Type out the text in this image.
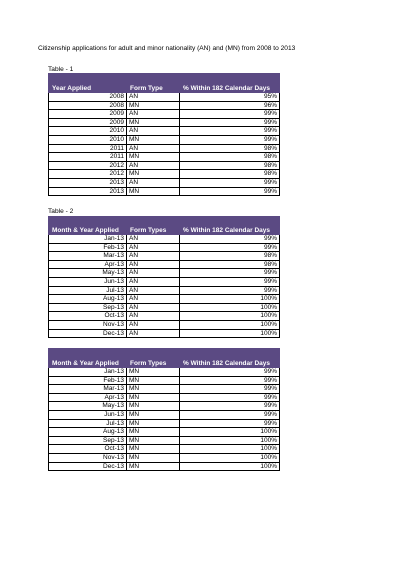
Citizenship applications for adult and minor nationality (AN) and (MN) from 2008 to 2013
Table - 1
Year Applied	Form Type	% Within 182 Calendar Days
2008	AN	95%
2008	MN	96%
2009	AN	99%
2009	MN	99%
2010	AN	99%
2010	MN	99%
2011	AN	98%
2011	MN	98%
2012	AN	98%
2012	MN	98%
2013	AN	99%
2013	MN	99%
Table - 2
Month & Year Applied	Form Types	% Within 182 Calendar Days
Jan-13	AN	99%
Feb-13	AN	99%
Mar-13	AN	98%
Apr-13	AN	98%
May-13	AN	99%
Jun-13	AN	99%
Jul-13	AN	99%
Aug-13	AN	100%
Sep-13	AN	100%
Oct-13	AN	100%
Nov-13	AN	100%
Dec-13	AN	100%
Month & Year Applied	Form Types	% Within 182 Calendar Days
Jan-13	MN	99%
Feb-13	MN	99%
Mar-13	MN	99%
Apr-13	MN	99%
May-13	MN	99%
Jun-13	MN	99%
Jul-13	MN	99%
Aug-13	MN	100%
Sep-13	MN	100%
Oct-13	MN	100%
Nov-13	MN	100%
Dec-13	MN	100%
